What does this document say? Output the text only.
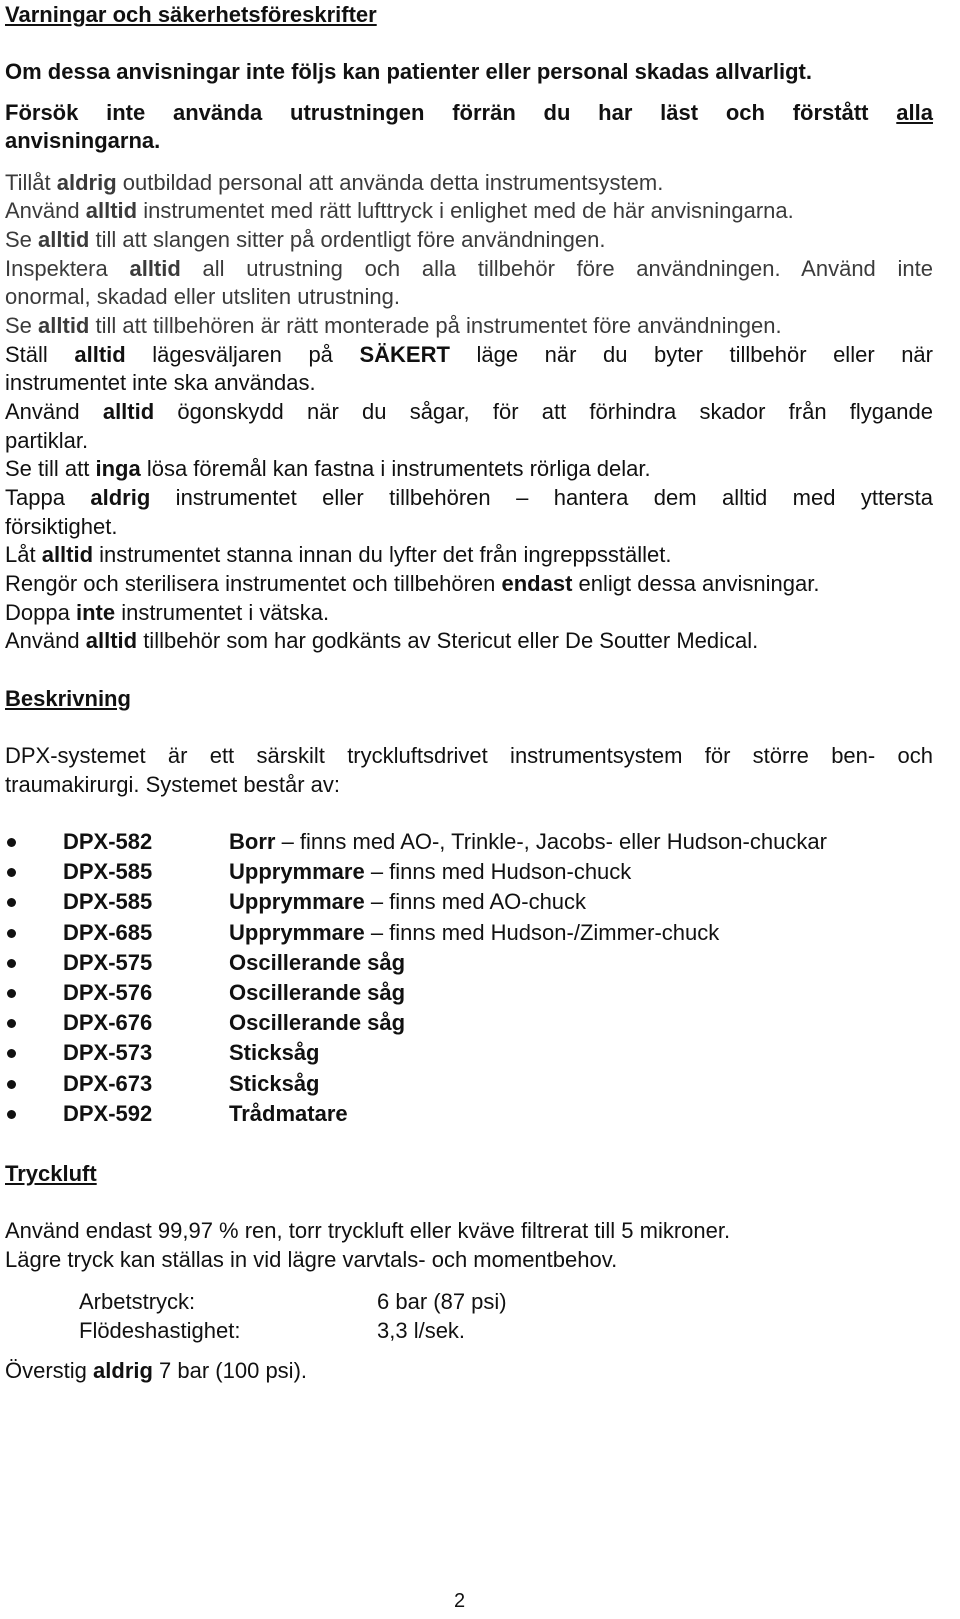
Varningar och säkerhetsföreskrifter
Om dessa anvisningar inte följs kan patienter eller personal skadas allvarligt.
Försök inte använda utrustningen förrän du har läst och förstått alla
anvisningarna.
Tillåt aldrig outbildad personal att använda detta instrumentsystem.
Använd alltid instrumentet med rätt lufttryck i enlighet med de här anvisningarna.
Se alltid till att slangen sitter på ordentligt före användningen.
Inspektera alltid all utrustning och alla tillbehör före användningen. Använd inte
onormal, skadad eller utsliten utrustning.
Se alltid till att tillbehören är rätt monterade på instrumentet före användningen.
Ställ alltid lägesväljaren på SÄKERT läge när du byter tillbehör eller när
instrumentet inte ska användas.
Använd alltid ögonskydd när du sågar, för att förhindra skador från flygande
partiklar.
Se till att inga lösa föremål kan fastna i instrumentets rörliga delar.
Tappa aldrig instrumentet eller tillbehören – hantera dem alltid med yttersta
försiktighet.
Låt alltid instrumentet stanna innan du lyfter det från ingreppsstället.
Rengör och sterilisera instrumentet och tillbehören endast enligt dessa anvisningar.
Doppa inte instrumentet i vätska.
Använd alltid tillbehör som har godkänts av Stericut eller De Soutter Medical.
Beskrivning
DPX-systemet är ett särskilt tryckluftsdrivet instrumentsystem för större ben- och
traumakirurgi. Systemet består av:
DPX-582	Borr – finns med AO-, Trinkle-, Jacobs- eller Hudson-chuckar
DPX-585	Upprymmare – finns med Hudson-chuck
DPX-585	Upprymmare – finns med AO-chuck
DPX-685	Upprymmare – finns med Hudson-/Zimmer-chuck
DPX-575	Oscillerande såg
DPX-576	Oscillerande såg
DPX-676	Oscillerande såg
DPX-573	Sticksåg
DPX-673	Sticksåg
DPX-592	Trådmatare
Tryckluft
Använd endast 99,97 % ren, torr tryckluft eller kväve filtrerat till 5 mikroner.
Lägre tryck kan ställas in vid lägre varvtals- och momentbehov.
Arbetstryck:	6 bar (87 psi)
Flödeshastighet:	3,3 l/sek.
Överstig aldrig 7 bar (100 psi).
2
